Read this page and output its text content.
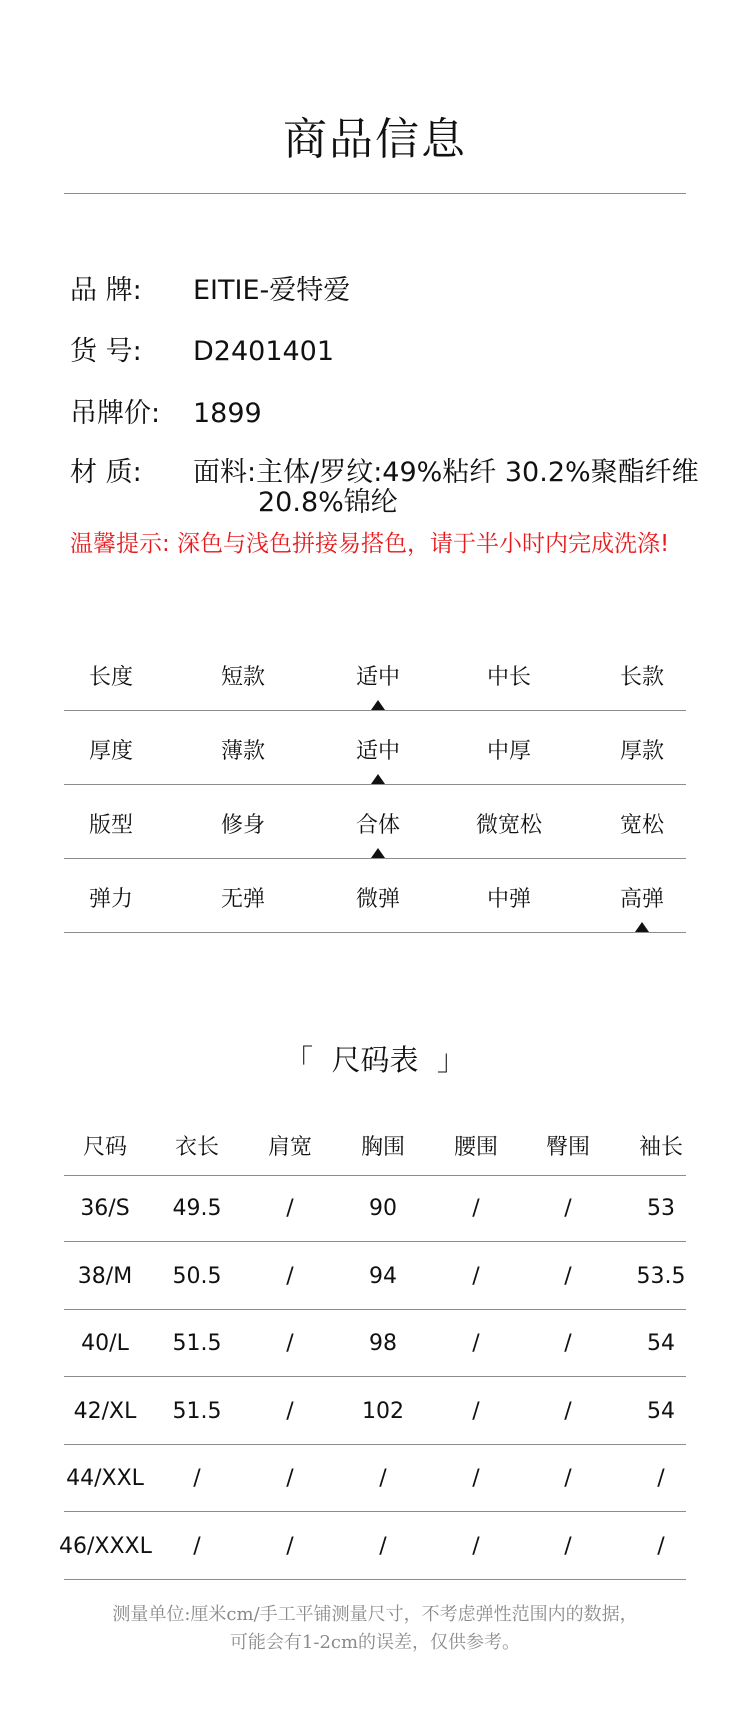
商品信息
品 牌: EITIE-爱特爱
货 号: D2401401
吊牌价: 1899
材 质: 面料:主体/罗纹:49%粘纤 30.2%聚酯纤维
20.8%锦纶
温馨提示: 深色与浅色拼接易搭色，请于半小时内完成洗涤!
长度	短款	适中	中长	长款
厚度	薄款	适中	中厚	厚款
版型	修身	合体	微宽松	宽松
弹力	无弹	微弹	中弹	高弹
「  尺码表  」
尺码	衣长	肩宽	胸围	腰围	臀围	袖长
36/S	49.5	/	90	/	/	53
38/M	50.5	/	94	/	/	53.5
40/L	51.5	/	98	/	/	54
42/XL	51.5	/	102	/	/	54
44/XXL	/	/	/	/	/	/
46/XXXL	/	/	/	/	/	/
测量单位:厘米cm/手工平铺测量尺寸，不考虑弹性范围内的数据，
可能会有1-2cm的误差，仅供参考。
